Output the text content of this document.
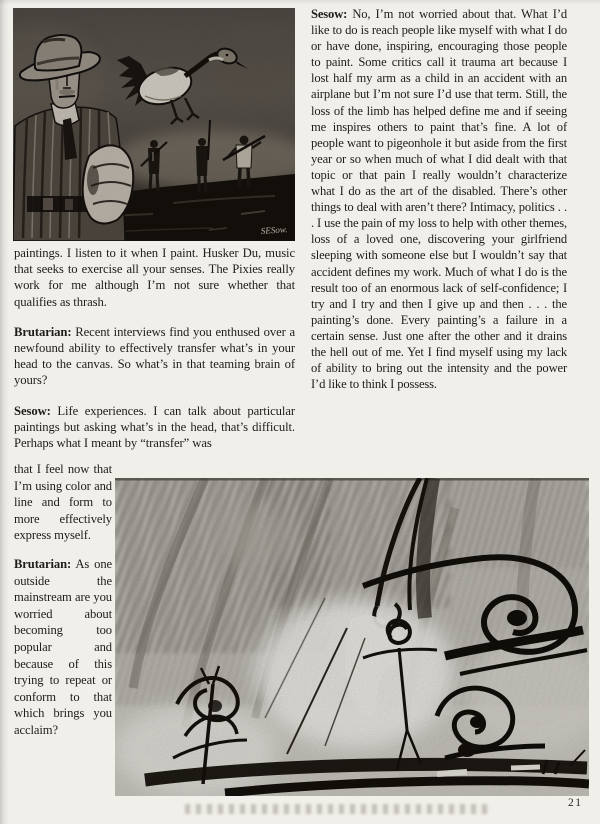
SESow.

Sesow: No, I’m not worried about that. What I’d like to do is reach people like myself with what I do or have done, inspiring, encouraging those people to paint. Some critics call it trauma art because I lost half my arm as a child in an accident with an airplane but I’m not sure I’d use that term. Still, the loss of the limb has helped define me and if seeing me inspires others to paint that’s fine. A lot of people want to pigeonhole it but aside from the first year or so when much of what I did dealt with that topic or that pain I really wouldn’t characterize what I do as the art of the disabled. There’s other things to deal with aren’t there? Intimacy, politics . . . I use the pain of my loss to help with other themes, loss of a loved one, discovering your girlfriend sleeping with someone else but I wouldn’t say that accident defines my work. Much of what I do is the result too of an enormous lack of self-confidence; I try and I try and then I give up and then . . . the painting’s done. Every painting’s a failure in a certain sense. Just one after the other and it drains the hell out of me. Yet I find myself using my lack of ability to bring out the intensity and the power I’d like to think I possess.

paintings. I listen to it when I paint. Husker Du, music that seeks to exercise all your senses. The Pixies really work for me although I’m not sure whether that qualifies as thrash.

Brutarian: Recent interviews find you enthused over a newfound ability to effectively transfer what’s in your head to the canvas. So what’s in that teaming brain of yours?

Sesow: Life experiences. I can talk about particular paintings but asking what’s in the head, that’s difficult. Perhaps what I meant by “transfer” was

that I feel now that I’m using color and line and form to more effectively express myself.

Brutarian: As one outside the mainstream are you worried about becoming too popular and because of this trying to repeat or conform to that which brings you acclaim?

21
